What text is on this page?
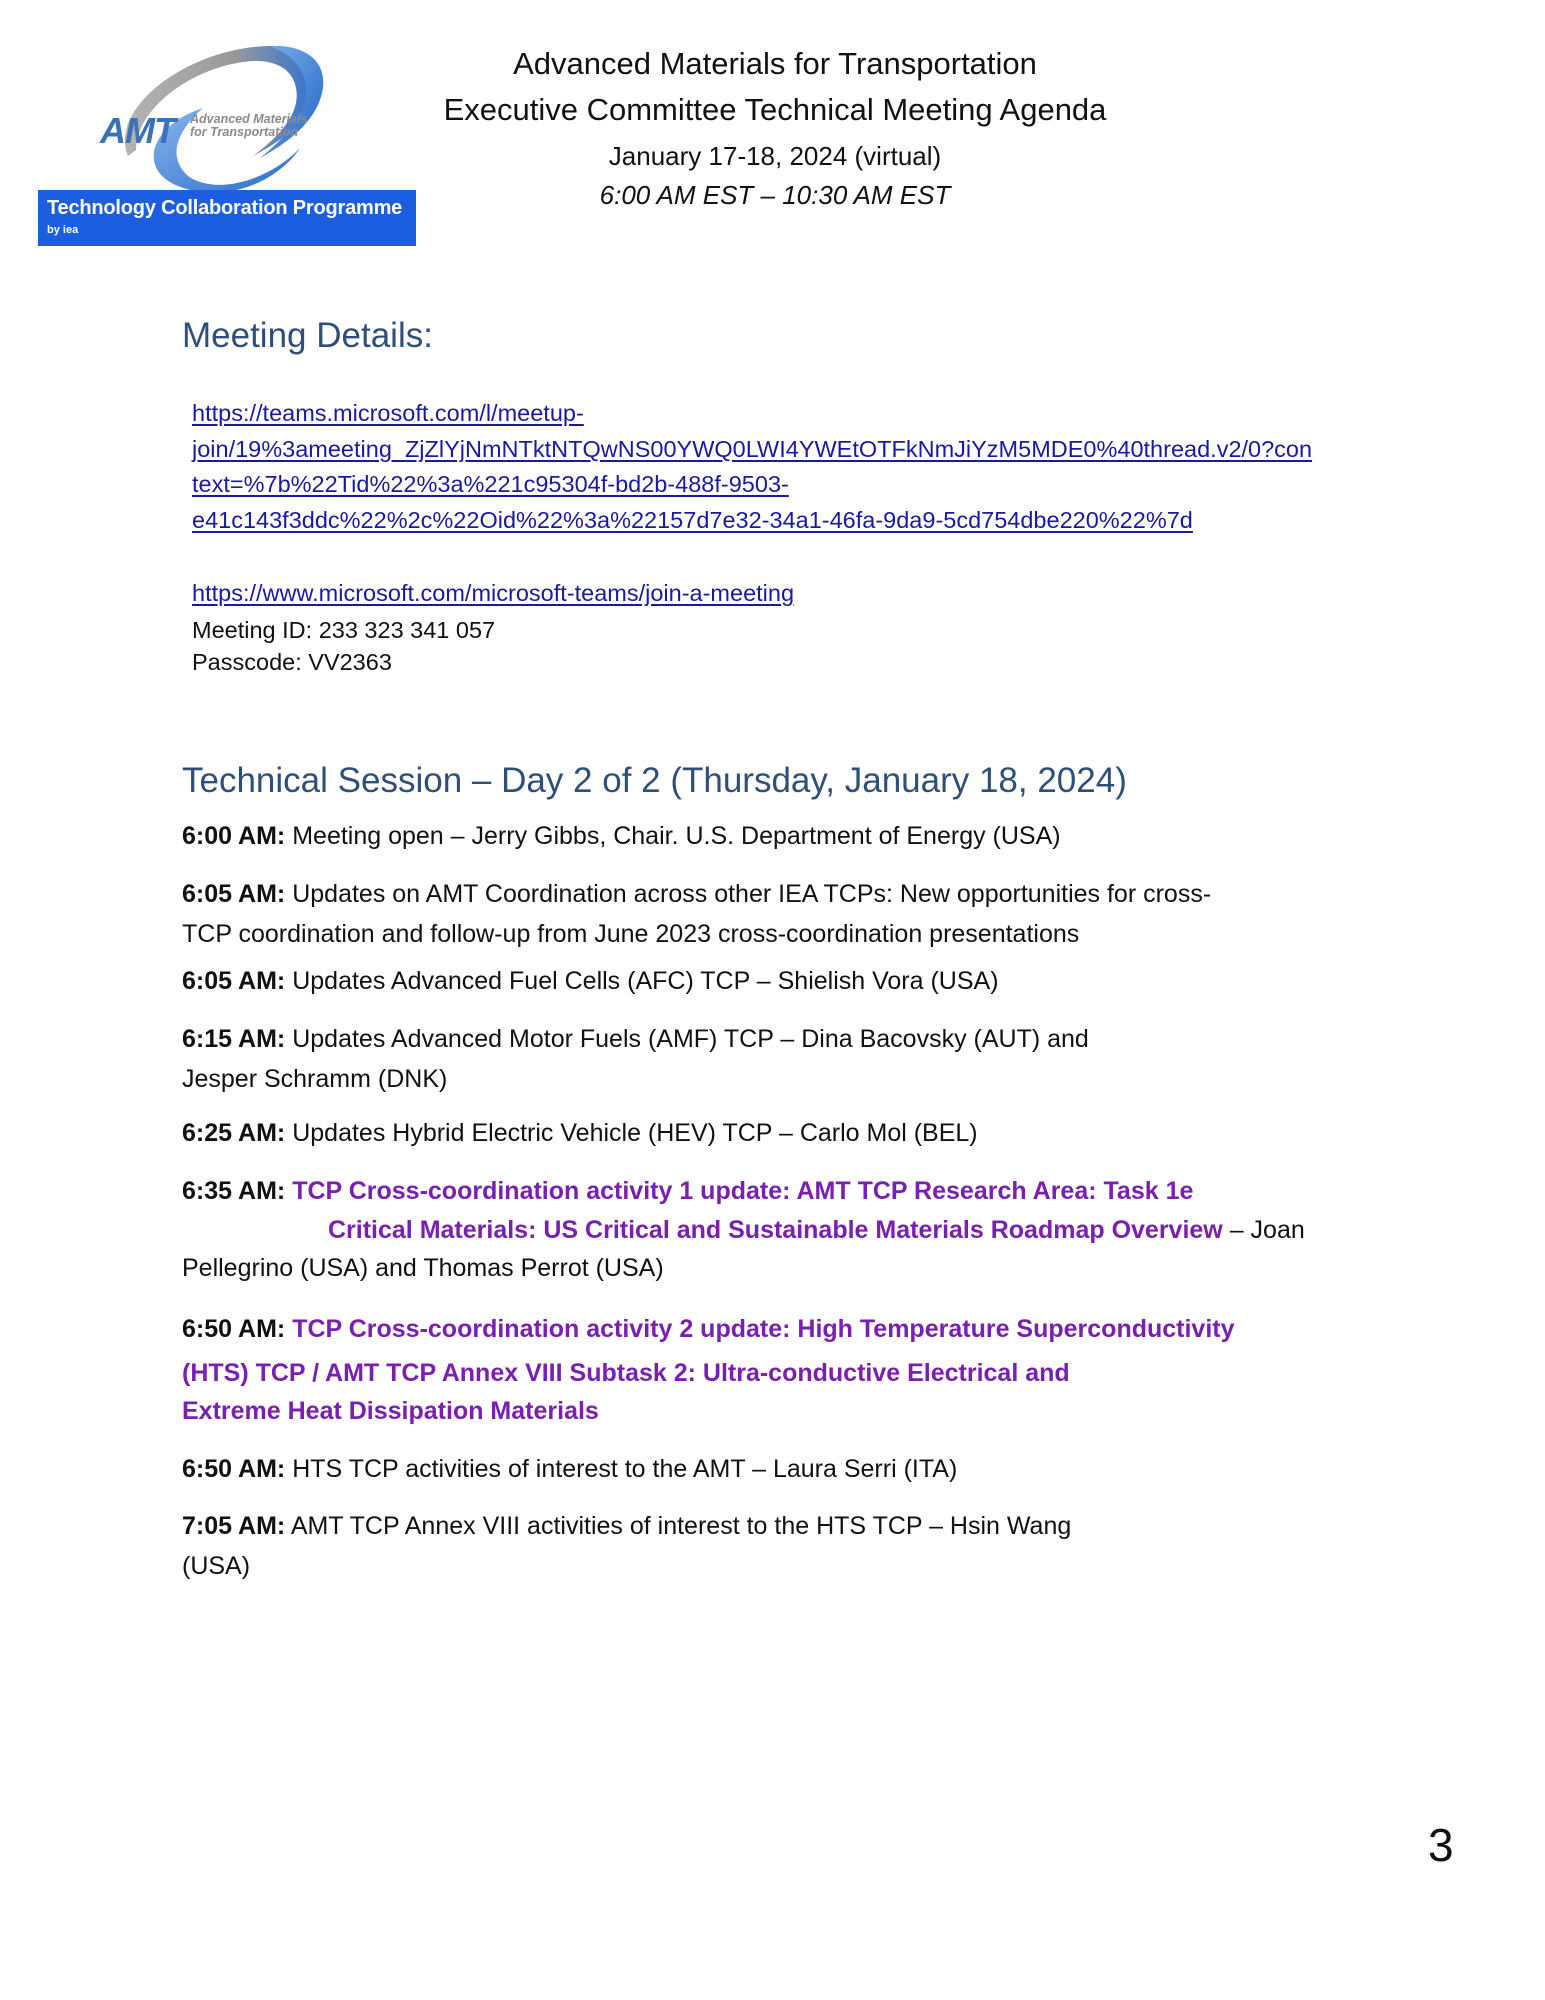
AMT Advanced Materials
for Transportation
Technology Collaboration Programme
by iea
Advanced Materials for Transportation
Executive Committee Technical Meeting Agenda
January 17-18, 2024 (virtual)
6:00 AM EST – 10:30 AM EST
Meeting Details:
https://teams.microsoft.com/l/meetup-
join/19%3ameeting_ZjZlYjNmNTktNTQwNS00YWQ0LWI4YWEtOTFkNmJiYzM5MDE0%40thread.v2/0?con
text=%7b%22Tid%22%3a%221c95304f-bd2b-488f-9503-
e41c143f3ddc%22%2c%22Oid%22%3a%22157d7e32-34a1-46fa-9da9-5cd754dbe220%22%7d
https://www.microsoft.com/microsoft-teams/join-a-meeting
Meeting ID: 233 323 341 057
Passcode: VV2363
Technical Session – Day 2 of 2 (Thursday, January 18, 2024)
6:00 AM: Meeting open – Jerry Gibbs, Chair. U.S. Department of Energy (USA)
6:05 AM: Updates on AMT Coordination across other IEA TCPs: New opportunities for cross-
TCP coordination and follow-up from June 2023 cross-coordination presentations
6:05 AM: Updates Advanced Fuel Cells (AFC) TCP – Shielish Vora (USA)
6:15 AM: Updates Advanced Motor Fuels (AMF) TCP – Dina Bacovsky (AUT) and
Jesper Schramm (DNK)
6:25 AM: Updates Hybrid Electric Vehicle (HEV) TCP – Carlo Mol (BEL)
6:35 AM: TCP Cross-coordination activity 1 update: AMT TCP Research Area: Task 1e
Critical Materials: US Critical and Sustainable Materials Roadmap Overview – Joan
Pellegrino (USA) and Thomas Perrot (USA)
6:50 AM: TCP Cross-coordination activity 2 update: High Temperature Superconductivity
(HTS) TCP / AMT TCP Annex VIII Subtask 2: Ultra-conductive Electrical and
Extreme Heat Dissipation Materials
6:50 AM: HTS TCP activities of interest to the AMT – Laura Serri (ITA)
7:05 AM: AMT TCP Annex VIII activities of interest to the HTS TCP – Hsin Wang
(USA)
3
